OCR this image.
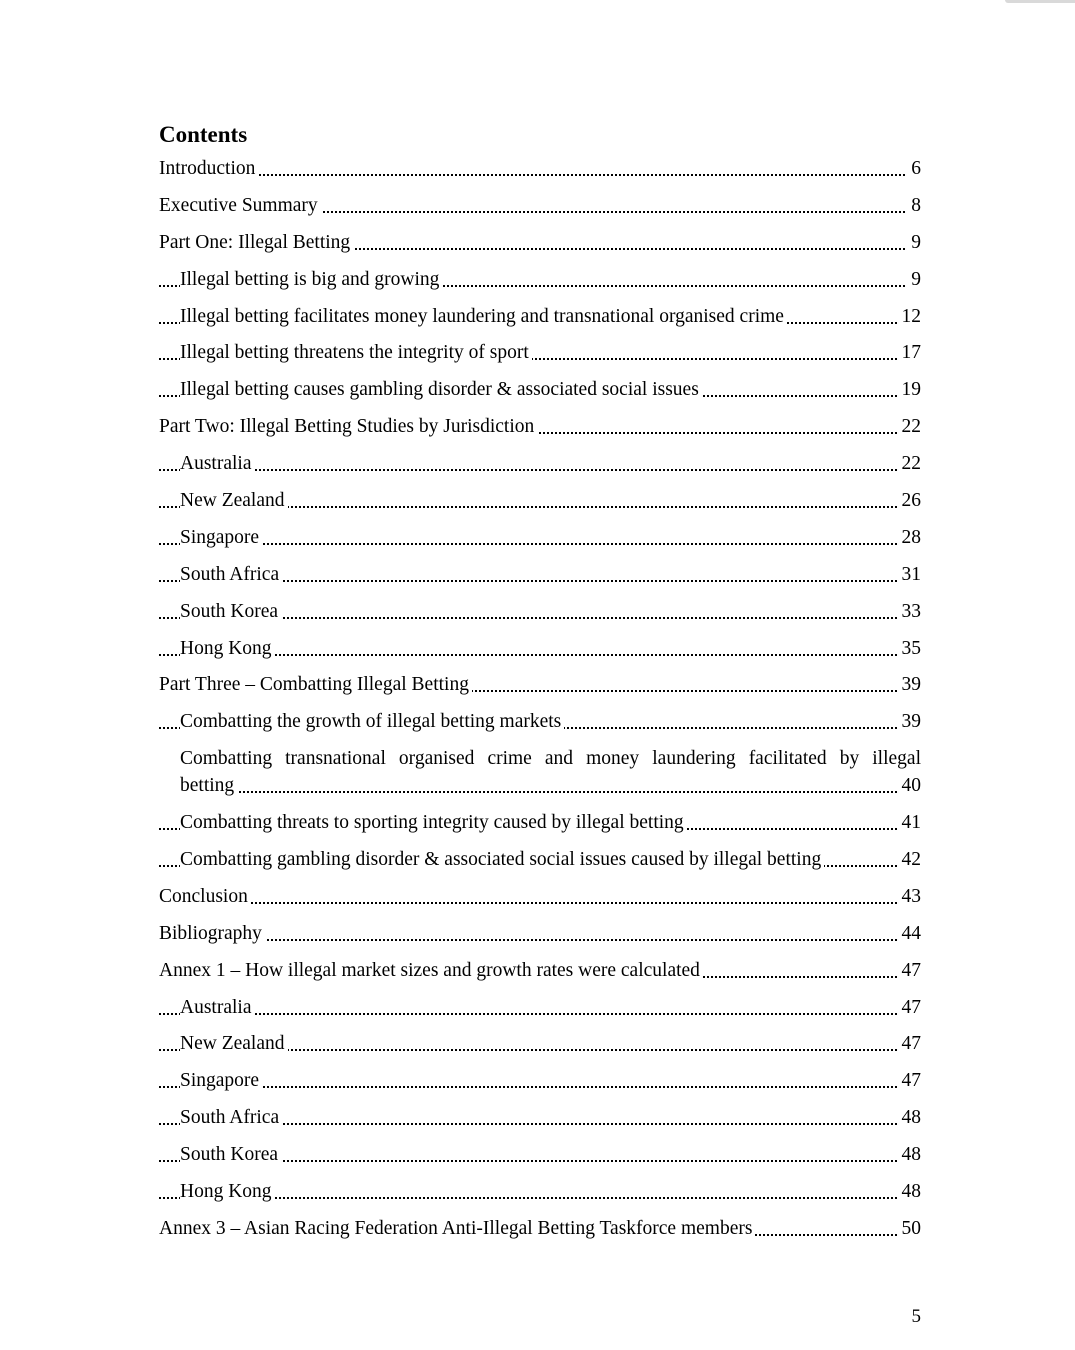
Contents
Introduction	6
Executive Summary	8
Part One: Illegal Betting	9
Illegal betting is big and growing	9
Illegal betting facilitates money laundering and transnational organised crime	12
Illegal betting threatens the integrity of sport	17
Illegal betting causes gambling disorder & associated social issues	19
Part Two: Illegal Betting Studies by Jurisdiction	22
Australia	22
New Zealand	26
Singapore	28
South Africa	31
South Korea	33
Hong Kong	35
Part Three – Combatting Illegal Betting	39
Combatting the growth of illegal betting markets	39
Combatting transnational organised crime and money laundering facilitated by illegal
betting	40
Combatting threats to sporting integrity caused by illegal betting	41
Combatting gambling disorder & associated social issues caused by illegal betting	42
Conclusion	43
Bibliography	44
Annex 1 – How illegal market sizes and growth rates were calculated	47
Australia	47
New Zealand	47
Singapore	47
South Africa	48
South Korea	48
Hong Kong	48
Annex 3 – Asian Racing Federation Anti-Illegal Betting Taskforce members	50
5
